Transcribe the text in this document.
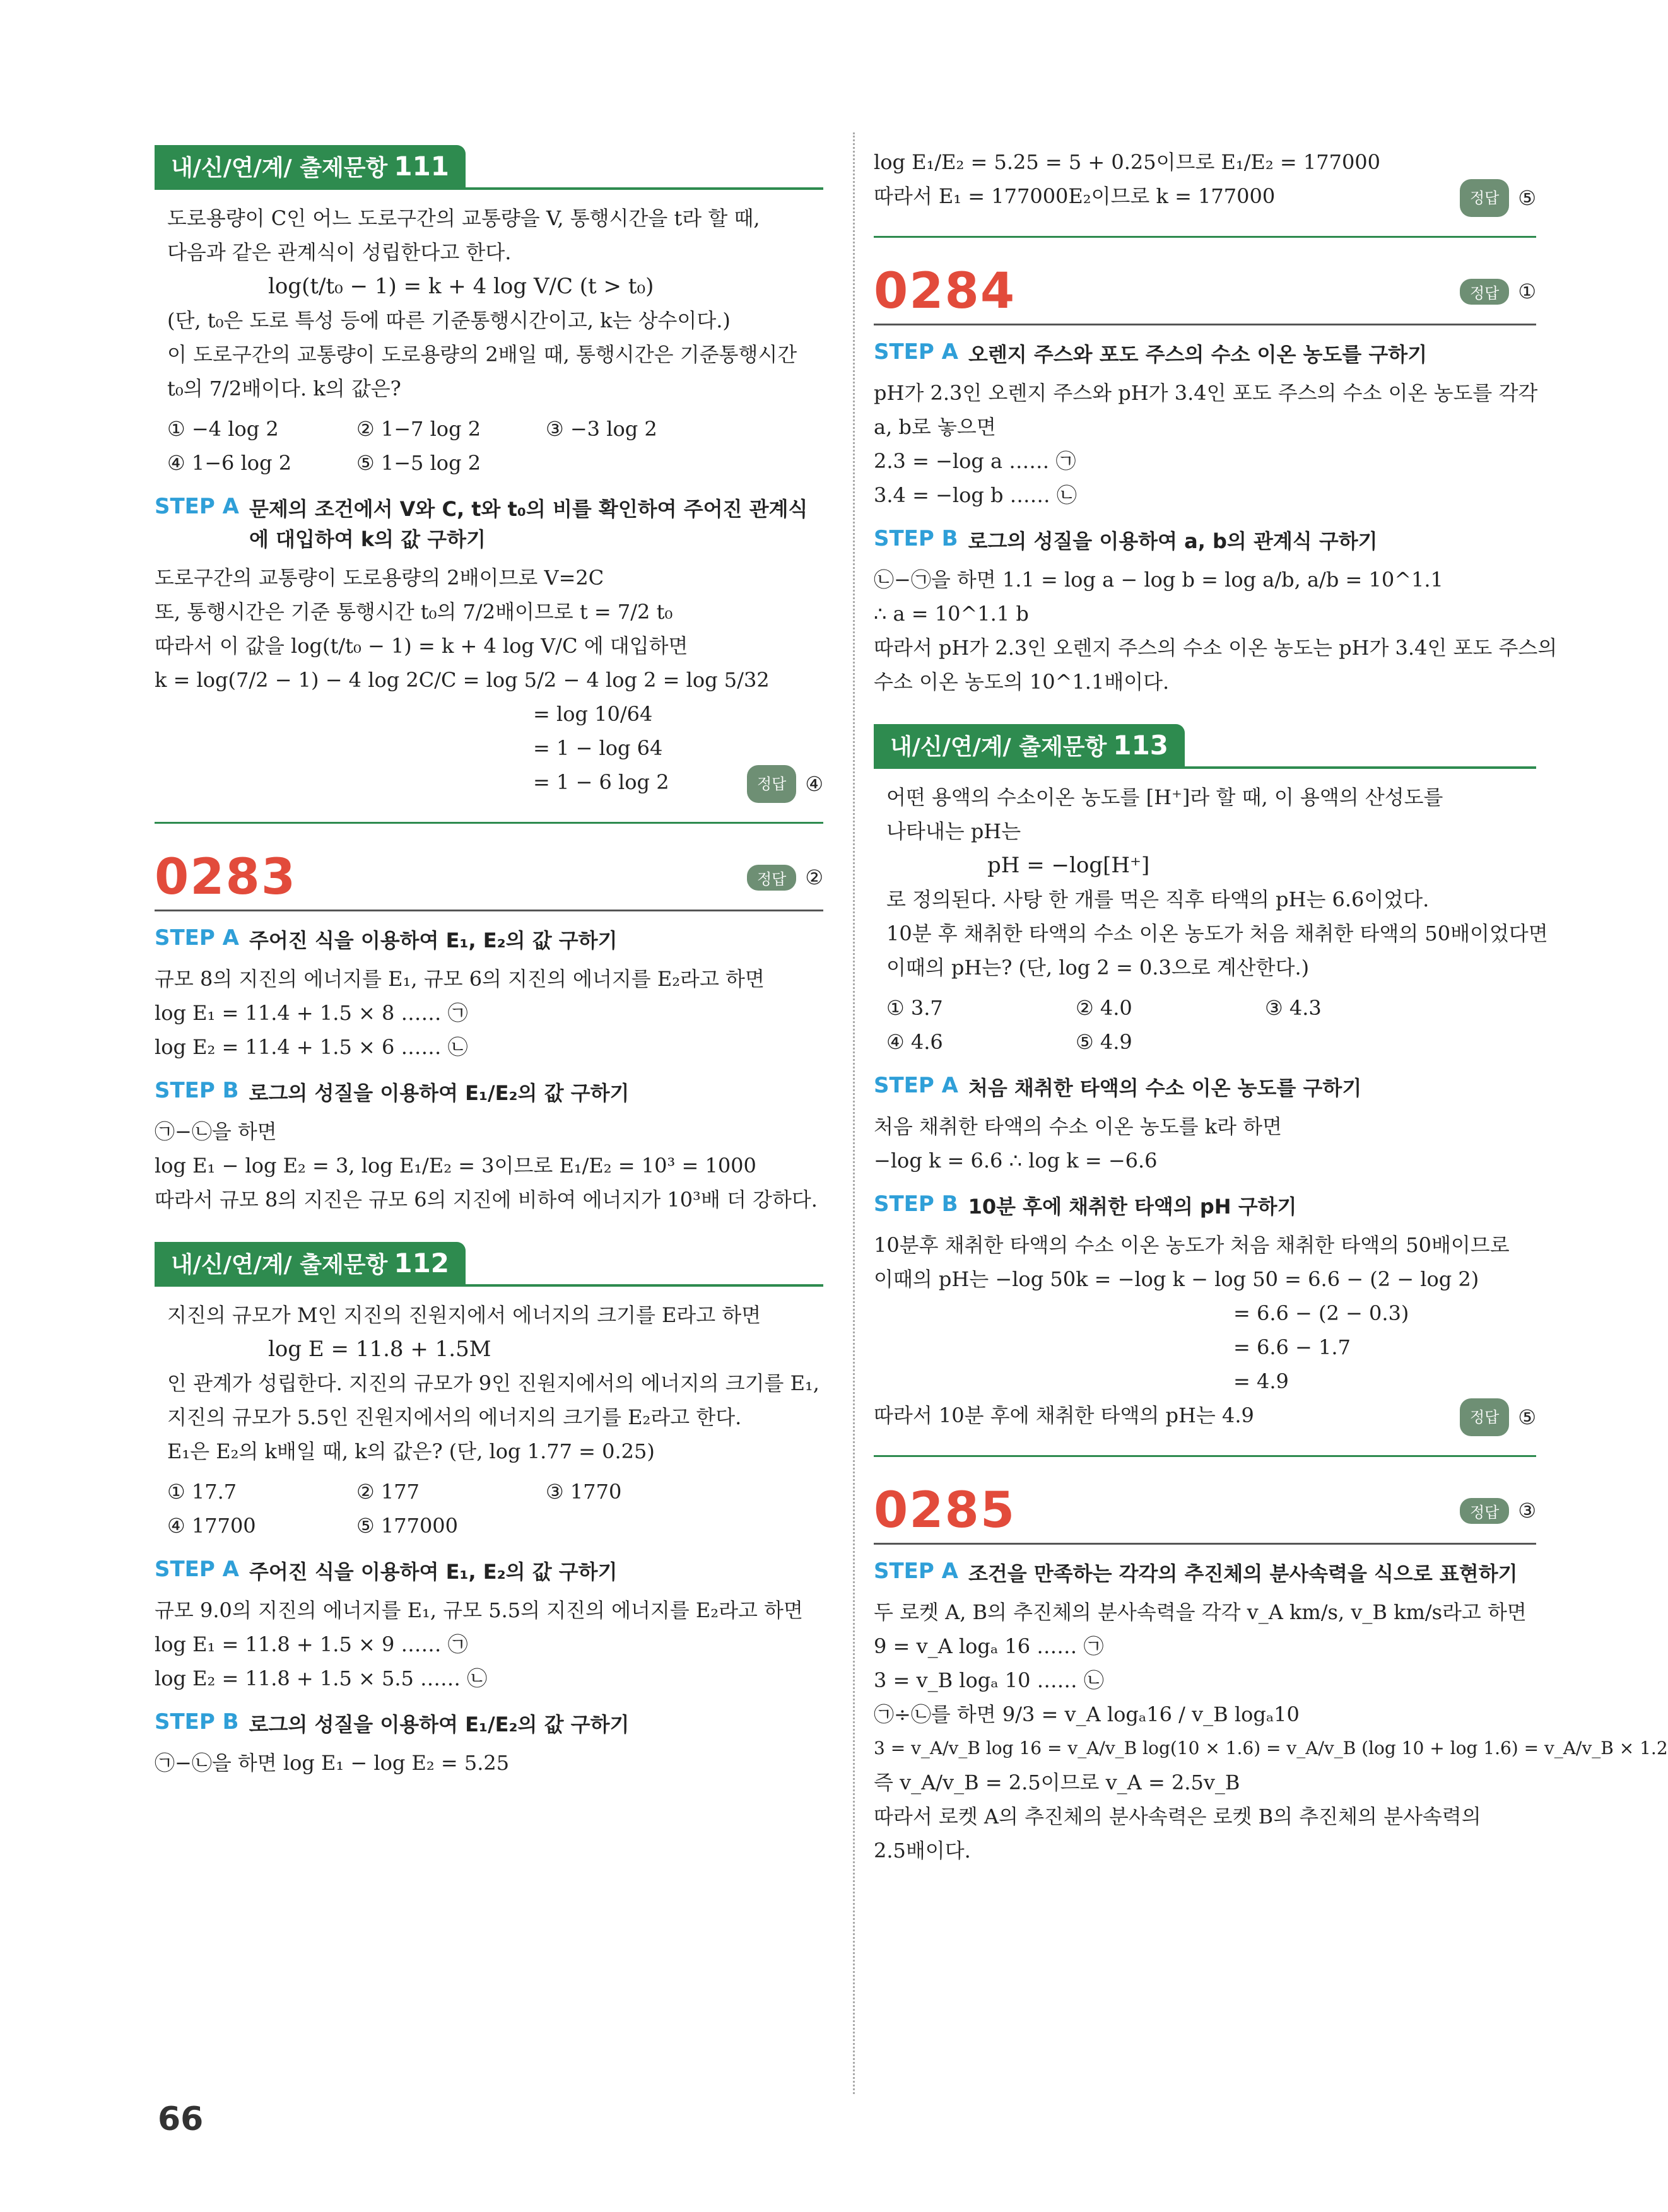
내/신/연/계/ 출제문항 111
도로용량이 C인 어느 도로구간의 교통량을 V, 통행시간을 t라 할 때,
다음과 같은 관계식이 성립한다고 한다.
log(t/t₀ − 1) = k + 4 log V/C (t > t₀)
(단, t₀은 도로 특성 등에 따른 기준통행시간이고, k는 상수이다.)
이 도로구간의 교통량이 도로용량의 2배일 때, 통행시간은 기준통행시간
t₀의 7/2배이다. k의 값은?
① −4 log 2	② 1−7 log 2	③ −3 log 2
④ 1−6 log 2	⑤ 1−5 log 2
STEP A 문제의 조건에서 V와 C, t와 t₀의 비를 확인하여 주어진 관계식에 대입하여 k의 값 구하기
도로구간의 교통량이 도로용량의 2배이므로 V=2C
또, 통행시간은 기준 통행시간 t₀의 7/2배이므로 t = 7/2 t₀
따라서 이 값을 log(t/t₀ − 1) = k + 4 log V/C 에 대입하면
k = log(7/2 − 1) − 4 log 2C/C = log 5/2 − 4 log 2 = log 5/32
= log 10/64
= 1 − log 64
= 1 − 6 log 2	정답 ④
0283	정답 ②
STEP A 주어진 식을 이용하여 E₁, E₂의 값 구하기
규모 8의 지진의 에너지를 E₁, 규모 6의 지진의 에너지를 E₂라고 하면
log E₁ = 11.4 + 1.5 × 8 …… ㉠
log E₂ = 11.4 + 1.5 × 6 …… ㉡
STEP B 로그의 성질을 이용하여 E₁/E₂의 값 구하기
㉠−㉡을 하면
log E₁ − log E₂ = 3, log E₁/E₂ = 3이므로 E₁/E₂ = 10³ = 1000
따라서 규모 8의 지진은 규모 6의 지진에 비하여 에너지가 10³배 더 강하다.
내/신/연/계/ 출제문항 112
지진의 규모가 M인 지진의 진원지에서 에너지의 크기를 E라고 하면
log E = 11.8 + 1.5M
인 관계가 성립한다. 지진의 규모가 9인 진원지에서의 에너지의 크기를 E₁,
지진의 규모가 5.5인 진원지에서의 에너지의 크기를 E₂라고 한다.
E₁은 E₂의 k배일 때, k의 값은? (단, log 1.77 = 0.25)
① 17.7	② 177	③ 1770
④ 17700	⑤ 177000
STEP A 주어진 식을 이용하여 E₁, E₂의 값 구하기
규모 9.0의 지진의 에너지를 E₁, 규모 5.5의 지진의 에너지를 E₂라고 하면
log E₁ = 11.8 + 1.5 × 9 …… ㉠
log E₂ = 11.8 + 1.5 × 5.5 …… ㉡
STEP B 로그의 성질을 이용하여 E₁/E₂의 값 구하기
㉠−㉡을 하면 log E₁ − log E₂ = 5.25
log E₁/E₂ = 5.25 = 5 + 0.25이므로 E₁/E₂ = 177000
따라서 E₁ = 177000E₂이므로 k = 177000	정답 ⑤
0284	정답 ①
STEP A 오렌지 주스와 포도 주스의 수소 이온 농도를 구하기
pH가 2.3인 오렌지 주스와 pH가 3.4인 포도 주스의 수소 이온 농도를 각각
a, b로 놓으면
2.3 = −log a …… ㉠
3.4 = −log b …… ㉡
STEP B 로그의 성질을 이용하여 a, b의 관계식 구하기
㉡−㉠을 하면 1.1 = log a − log b = log a/b, a/b = 10^1.1
∴ a = 10^1.1 b
따라서 pH가 2.3인 오렌지 주스의 수소 이온 농도는 pH가 3.4인 포도 주스의
수소 이온 농도의 10^1.1배이다.
내/신/연/계/ 출제문항 113
어떤 용액의 수소이온 농도를 [H⁺]라 할 때, 이 용액의 산성도를
나타내는 pH는
pH = −log[H⁺]
로 정의된다. 사탕 한 개를 먹은 직후 타액의 pH는 6.6이었다.
10분 후 채취한 타액의 수소 이온 농도가 처음 채취한 타액의 50배이었다면
이때의 pH는? (단, log 2 = 0.3으로 계산한다.)
① 3.7	② 4.0	③ 4.3
④ 4.6	⑤ 4.9
STEP A 처음 채취한 타액의 수소 이온 농도를 구하기
처음 채취한 타액의 수소 이온 농도를 k라 하면
−log k = 6.6 ∴ log k = −6.6
STEP B 10분 후에 채취한 타액의 pH 구하기
10분후 채취한 타액의 수소 이온 농도가 처음 채취한 타액의 50배이므로
이때의 pH는 −log 50k = −log k − log 50 = 6.6 − (2 − log 2)
= 6.6 − (2 − 0.3)
= 6.6 − 1.7
= 4.9
따라서 10분 후에 채취한 타액의 pH는 4.9	정답 ⑤
0285	정답 ③
STEP A 조건을 만족하는 각각의 추진체의 분사속력을 식으로 표현하기
두 로켓 A, B의 추진체의 분사속력을 각각 v_A km/s, v_B km/s라고 하면
9 = v_A logₐ 16 …… ㉠
3 = v_B logₐ 10 …… ㉡
㉠÷㉡를 하면 9/3 = v_A logₐ16 / v_B logₐ10
3 = v_A/v_B log 16 = v_A/v_B log(10 × 1.6) = v_A/v_B (log 10 + log 1.6) = v_A/v_B × 1.2
즉 v_A/v_B = 2.5이므로 v_A = 2.5v_B
따라서 로켓 A의 추진체의 분사속력은 로켓 B의 추진체의 분사속력의
2.5배이다.
66
